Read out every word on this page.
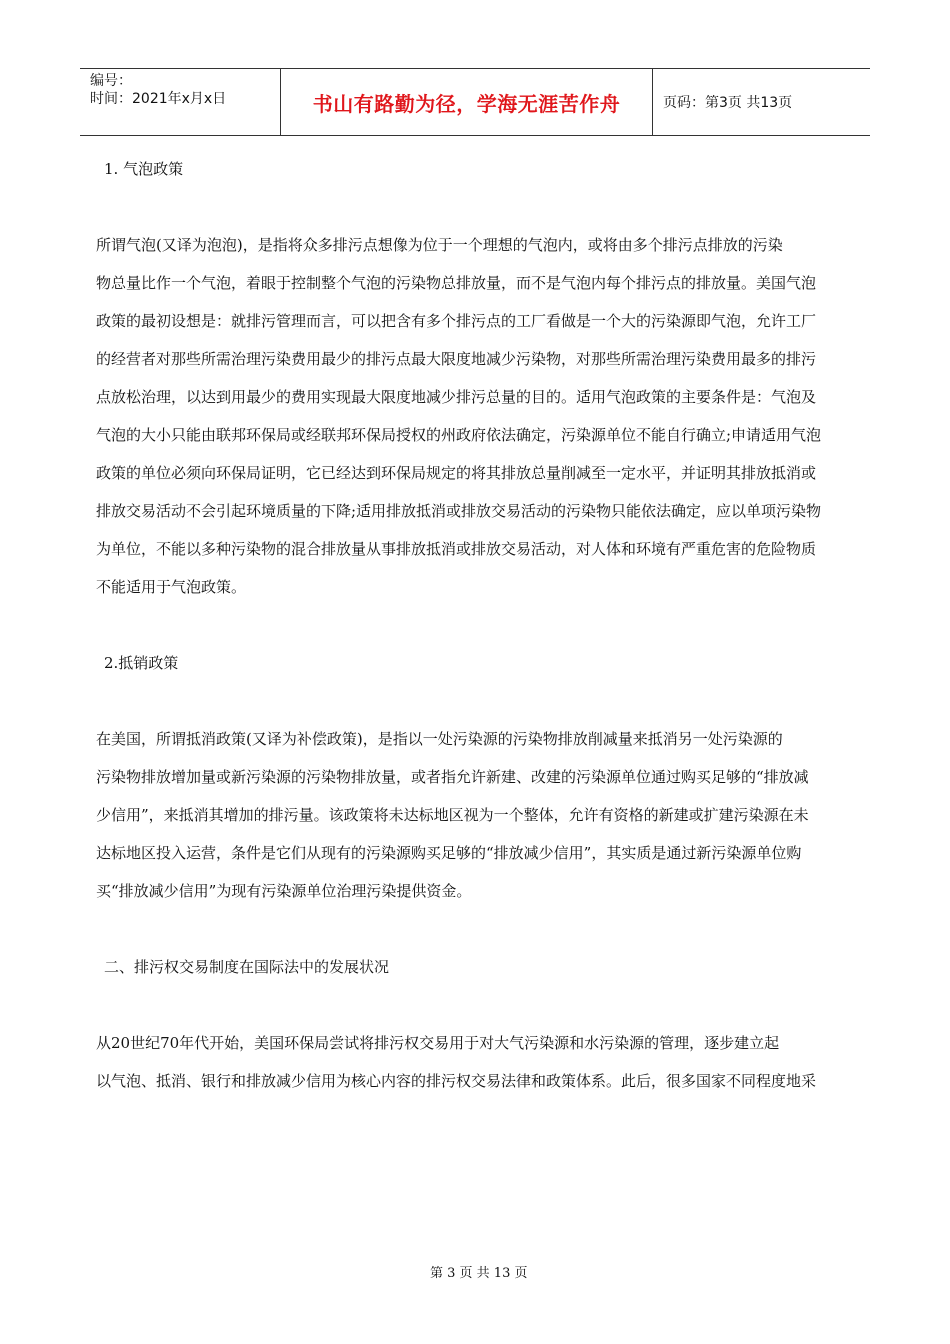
编号：
时间：2021年x月x日	书山有路勤为径，学海无涯苦作舟	页码：第3页 共13页
1. 气泡政策
所谓气泡(又译为泡泡)，是指将众多排污点想像为位于一个理想的气泡内，或将由多个排污点排放的污染
物总量比作一个气泡，着眼于控制整个气泡的污染物总排放量，而不是气泡内每个排污点的排放量。美国气泡
政策的最初设想是：就排污管理而言，可以把含有多个排污点的工厂看做是一个大的污染源即气泡，允许工厂
的经营者对那些所需治理污染费用最少的排污点最大限度地减少污染物，对那些所需治理污染费用最多的排污
点放松治理，以达到用最少的费用实现最大限度地减少排污总量的目的。适用气泡政策的主要条件是：气泡及
气泡的大小只能由联邦环保局或经联邦环保局授权的州政府依法确定，污染源单位不能自行确立;申请适用气泡
政策的单位必须向环保局证明，它已经达到环保局规定的将其排放总量削减至一定水平，并证明其排放抵消或
排放交易活动不会引起环境质量的下降;适用排放抵消或排放交易活动的污染物只能依法确定，应以单项污染物
为单位，不能以多种污染物的混合排放量从事排放抵消或排放交易活动，对人体和环境有严重危害的危险物质
不能适用于气泡政策。
2.抵销政策
在美国，所谓抵消政策(又译为补偿政策)，是指以一处污染源的污染物排放削减量来抵消另一处污染源的
污染物排放增加量或新污染源的污染物排放量，或者指允许新建、改建的污染源单位通过购买足够的“排放减
少信用”，来抵消其增加的排污量。该政策将未达标地区视为一个整体，允许有资格的新建或扩建污染源在未
达标地区投入运营，条件是它们从现有的污染源购买足够的“排放减少信用”，其实质是通过新污染源单位购
买“排放减少信用”为现有污染源单位治理污染提供资金。
二、排污权交易制度在国际法中的发展状况
从20世纪70年代开始，美国环保局尝试将排污权交易用于对大气污染源和水污染源的管理，逐步建立起
以气泡、抵消、银行和排放减少信用为核心内容的排污权交易法律和政策体系。此后，很多国家不同程度地采
第 3 页 共 13 页
